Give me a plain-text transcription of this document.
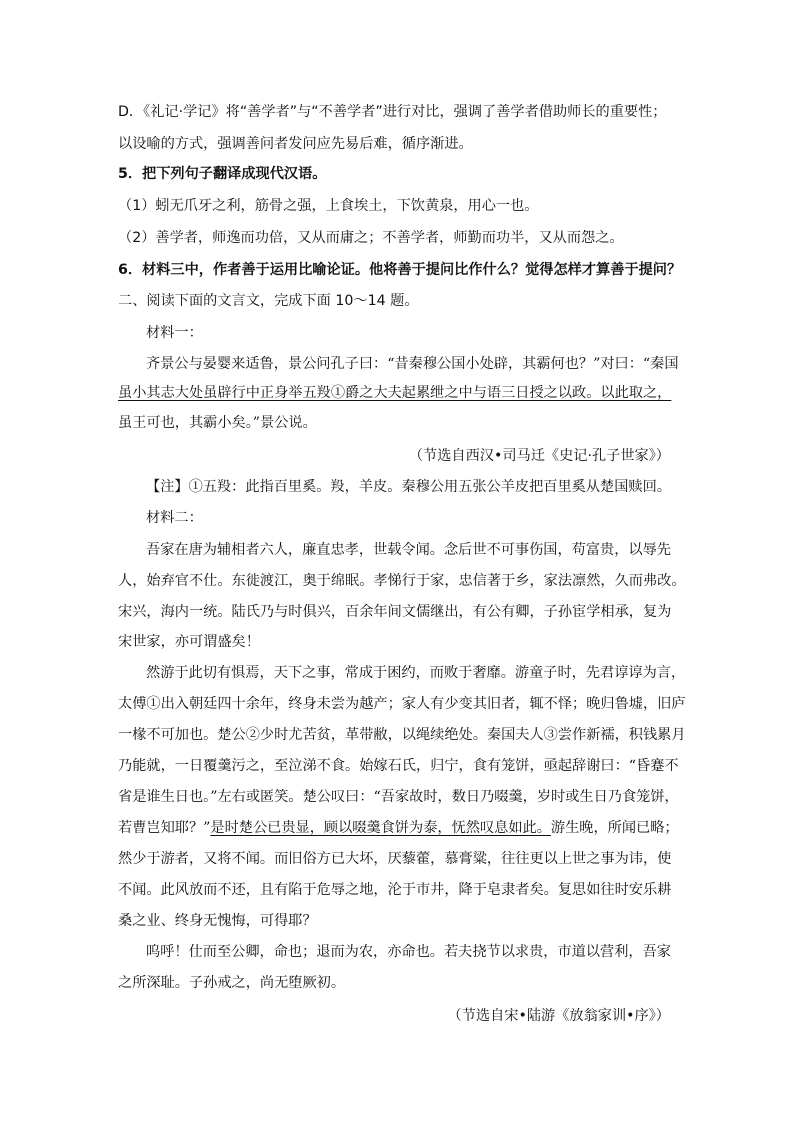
D．《礼记·学记》将“善学者”与“不善学者”进行对比，强调了善学者借助师长的重要性；
以设喻的方式，强调善问者发问应先易后难，循序渐进。
5．把下列句子翻译成现代汉语。
（1）蚓无爪牙之利，筋骨之强，上食埃土，下饮黄泉，用心一也。
（2）善学者，师逸而功倍，又从而庸之；不善学者，师勤而功半，又从而怨之。
6．材料三中，作者善于运用比喻论证。他将善于提问比作什么？觉得怎样才算善于提问？
二、阅读下面的文言文，完成下面 10～14 题。
材料一：
齐景公与晏婴来适鲁，景公问孔子曰：“昔秦穆公国小处辟，其霸何也？”对曰：“秦国
虽小其志大处虽辟行中正身举五羖①爵之大夫起累绁之中与语三日授之以政。以此取之，
虽王可也，其霸小矣。”景公说。
（节选自西汉•司马迁《史记·孔子世家》）
【注】①五羖：此指百里奚。羖，羊皮。秦穆公用五张公羊皮把百里奚从楚国赎回。
材料二：
吾家在唐为辅相者六人，廉直忠孝，世载令闻。念后世不可事伤国，苟富贵，以辱先
人，始弃官不仕。东徙渡江，奥于绵眠。孝悌行于家，忠信著于乡，家法凛然，久而弗改。
宋兴，海内一统。陆氏乃与时俱兴，百余年间文儒继出，有公有卿，子孙宦学相承，复为
宋世家，亦可谓盛矣！
然游于此切有惧焉，天下之事，常成于困约，而败于奢靡。游童子时，先君谆谆为言，
太傅①出入朝廷四十余年，终身未尝为越产；家人有少变其旧者，辄不怿；晚归鲁墟，旧庐
一椽不可加也。楚公②少时尤苦贫，革带敝，以绳续绝处。秦国夫人③尝作新襦，积钱累月
乃能就，一日覆羹污之，至泣涕不食。始嫁石氏，归宁，食有笼饼，亟起辞谢曰：“昏蹇不
省是谁生日也。”左右或匿笑。楚公叹曰：“吾家故时，数日乃啜羹，岁时或生日乃食笼饼，
若曹岂知耶？”是时楚公已贵显，顾以啜羹食饼为泰，怃然叹息如此。游生晚，所闻已略；
然少于游者，又将不闻。而旧俗方已大坏，厌藜藿，慕膏粱，往往更以上世之事为讳，使
不闻。此风放而不还，且有陷于危辱之地，沦于市井，降于皂隶者矣。复思如往时安乐耕
桑之业、终身无愧悔，可得耶？
呜呼！仕而至公卿，命也；退而为农，亦命也。若夫挠节以求贵，市道以营利，吾家
之所深耻。子孙戒之，尚无堕厥初。
（节选自宋•陆游《放翁家训•序》）
